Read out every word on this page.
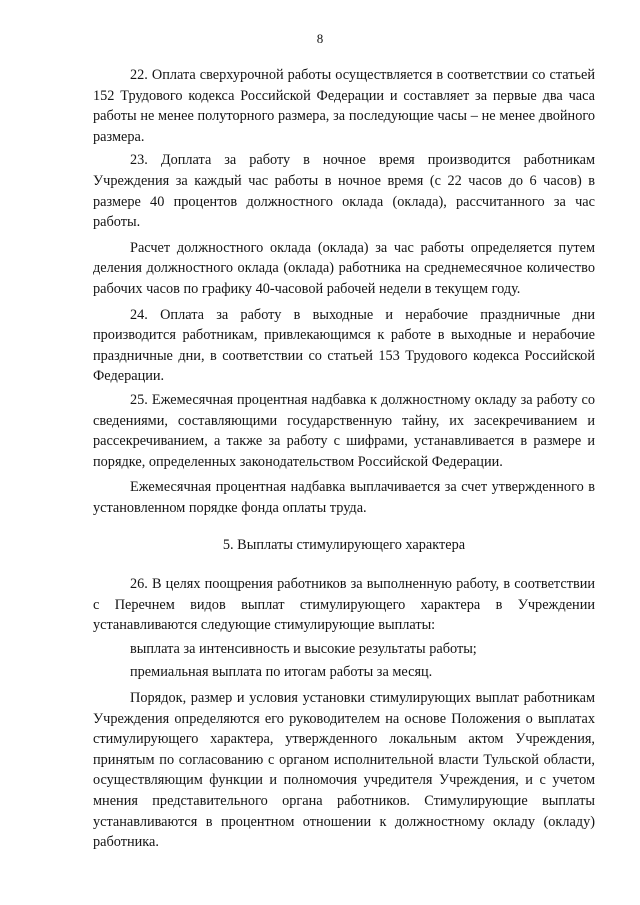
8

22. Оплата сверхурочной работы осуществляется в соответствии со статьей 152 Трудового кодекса Российской Федерации и составляет за первые два часа работы не менее полуторного размера, за последующие часы – не менее двойного размера.

23. Доплата за работу в ночное время производится работникам Учреждения за каждый час работы в ночное время (с 22 часов до 6 часов) в размере 40 процентов должностного оклада (оклада), рассчитанного за час работы.

Расчет должностного оклада (оклада) за час работы определяется путем деления должностного оклада (оклада) работника на среднемесячное количество рабочих часов по графику 40-часовой рабочей недели в текущем году.

24. Оплата за работу в выходные и нерабочие праздничные дни производится работникам, привлекающимся к работе в выходные и нерабочие праздничные дни, в соответствии со статьей 153 Трудового кодекса Российской Федерации.

25. Ежемесячная процентная надбавка к должностному окладу за работу со сведениями, составляющими государственную тайну, их засекречиванием и рассекречиванием, а также за работу с шифрами, устанавливается в размере и порядке, определенных законодательством Российской Федерации.

Ежемесячная процентная надбавка выплачивается за счет утвержденного в установленном порядке фонда оплаты труда.

5. Выплаты стимулирующего характера

26. В целях поощрения работников за выполненную работу, в соответствии с Перечнем видов выплат стимулирующего характера в Учреждении устанавливаются следующие стимулирующие выплаты:

выплата за интенсивность и высокие результаты работы;

премиальная выплата по итогам работы за месяц.

Порядок, размер и условия установки стимулирующих выплат работникам Учреждения определяются его руководителем на основе Положения о выплатах стимулирующего характера, утвержденного локальным актом Учреждения, принятым по согласованию с органом исполнительной власти Тульской области, осуществляющим функции и полномочия учредителя Учреждения, и с учетом мнения представительного органа работников. Стимулирующие выплаты устанавливаются в процентном отношении к должностному окладу (окладу) работника.
